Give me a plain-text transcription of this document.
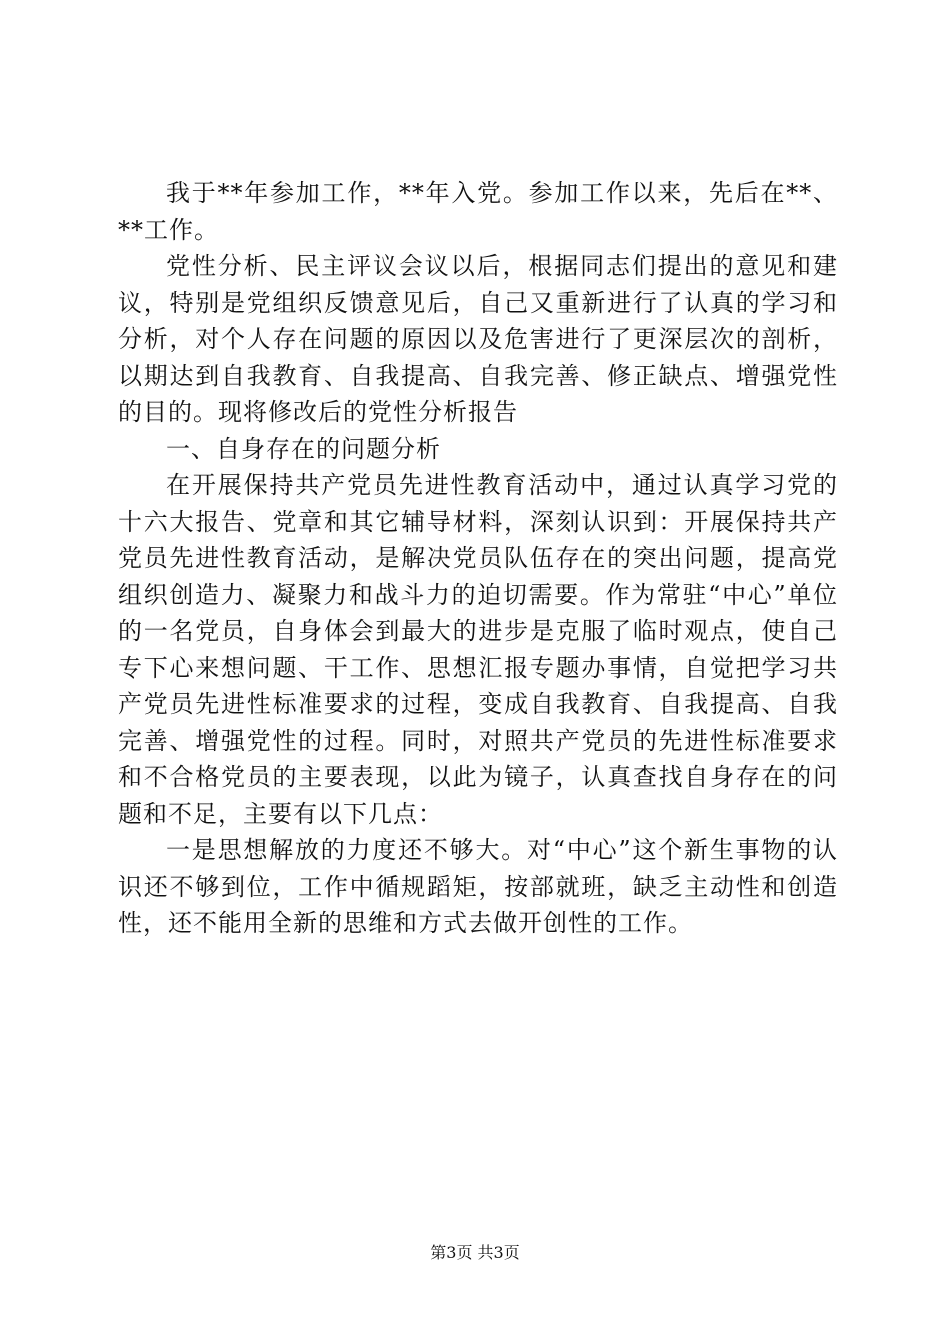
我于**年参加工作，**年入党。参加工作以来，先后在**、**工作。

党性分析、民主评议会议以后，根据同志们提出的意见和建议，特别是党组织反馈意见后，自己又重新进行了认真的学习和分析，对个人存在问题的原因以及危害进行了更深层次的剖析，以期达到自我教育、自我提高、自我完善、修正缺点、增强党性的目的。现将修改后的党性分析报告

一、自身存在的问题分析

在开展保持共产党员先进性教育活动中，通过认真学习党的十六大报告、党章和其它辅导材料，深刻认识到：开展保持共产党员先进性教育活动，是解决党员队伍存在的突出问题，提高党组织创造力、凝聚力和战斗力的迫切需要。作为常驻“中心”单位的一名党员，自身体会到最大的进步是克服了临时观点，使自己专下心来想问题、干工作、思想汇报专题办事情，自觉把学习共产党员先进性标准要求的过程，变成自我教育、自我提高、自我完善、增强党性的过程。同时，对照共产党员的先进性标准要求和不合格党员的主要表现，以此为镜子，认真查找自身存在的问题和不足，主要有以下几点：

一是思想解放的力度还不够大。对“中心”这个新生事物的认识还不够到位，工作中循规蹈矩，按部就班，缺乏主动性和创造性，还不能用全新的思维和方式去做开创性的工作。

第3页 共3页
